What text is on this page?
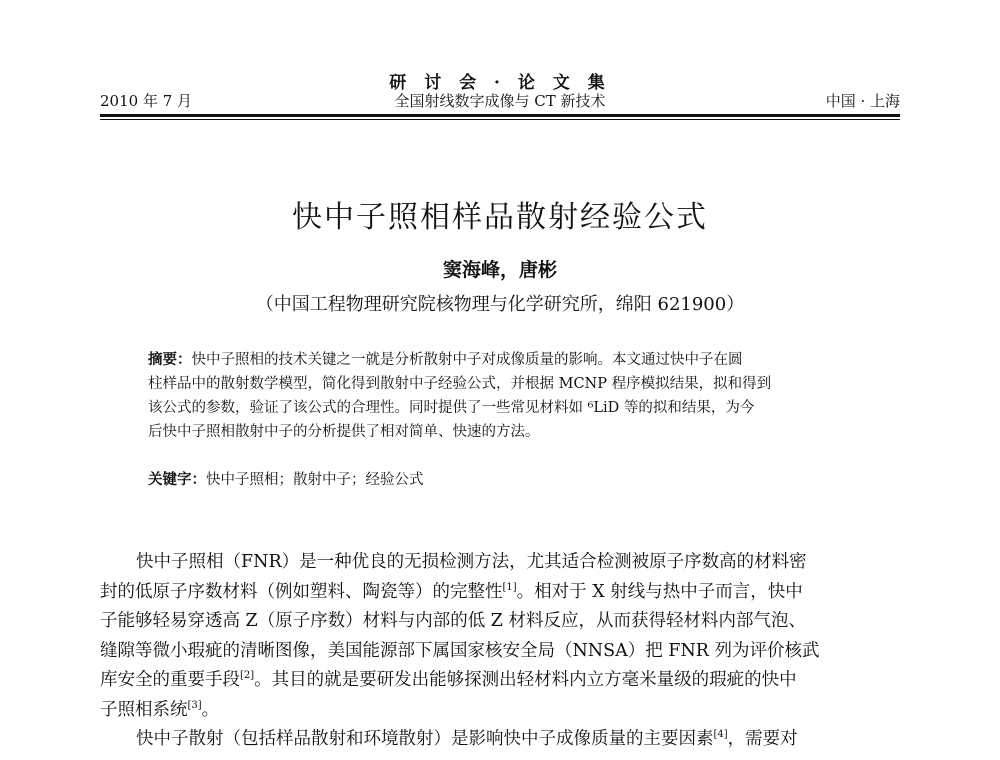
研 讨 会 · 论 文 集
2010 年 7 月	全国射线数字成像与 CT 新技术	中国 · 上海
快中子照相样品散射经验公式
窦海峰，唐彬
（中国工程物理研究院核物理与化学研究所，绵阳 621900）
摘要：快中子照相的技术关键之一就是分析散射中子对成像质量的影响。本文通过快中子在圆
柱样品中的散射数学模型，简化得到散射中子经验公式，并根据 MCNP 程序模拟结果，拟和得到
该公式的参数，验证了该公式的合理性。同时提供了一些常见材料如 ⁶LiD 等的拟和结果，为今
后快中子照相散射中子的分析提供了相对简单、快速的方法。
关键字：快中子照相；散射中子；经验公式
快中子照相（FNR）是一种优良的无损检测方法，尤其适合检测被原子序数高的材料密
封的低原子序数材料（例如塑料、陶瓷等）的完整性[1]。相对于 X 射线与热中子而言，快中
子能够轻易穿透高 Z（原子序数）材料与内部的低 Z 材料反应，从而获得轻材料内部气泡、
缝隙等微小瑕疵的清晰图像，美国能源部下属国家核安全局（NNSA）把 FNR 列为评价核武
库安全的重要手段[2]。其目的就是要研发出能够探测出轻材料内立方毫米量级的瑕疵的快中
子照相系统[3]。
快中子散射（包括样品散射和环境散射）是影响快中子成像质量的主要因素[4]，需要对
